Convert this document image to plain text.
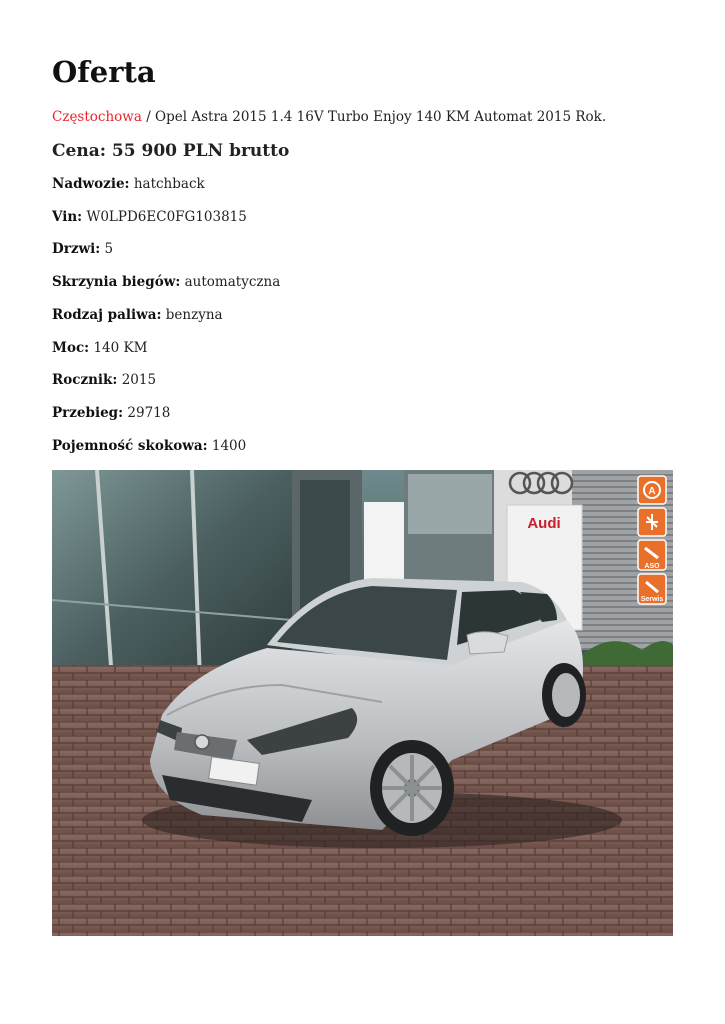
Oferta
Częstochowa / Opel Astra 2015 1.4 16V Turbo Enjoy 140 KM Automat 2015 Rok.
Cena: 55 900 PLN brutto
Nadwozie: hatchback
Vin: W0LPD6EC0FG103815
Drzwi: 5
Skrzynia biegów: automatyczna
Rodzaj paliwa: benzyna
Moc: 140 KM
Rocznik: 2015
Przebieg: 29718
Pojemność skokowa: 1400
Audi
A
ASO
Serwis
